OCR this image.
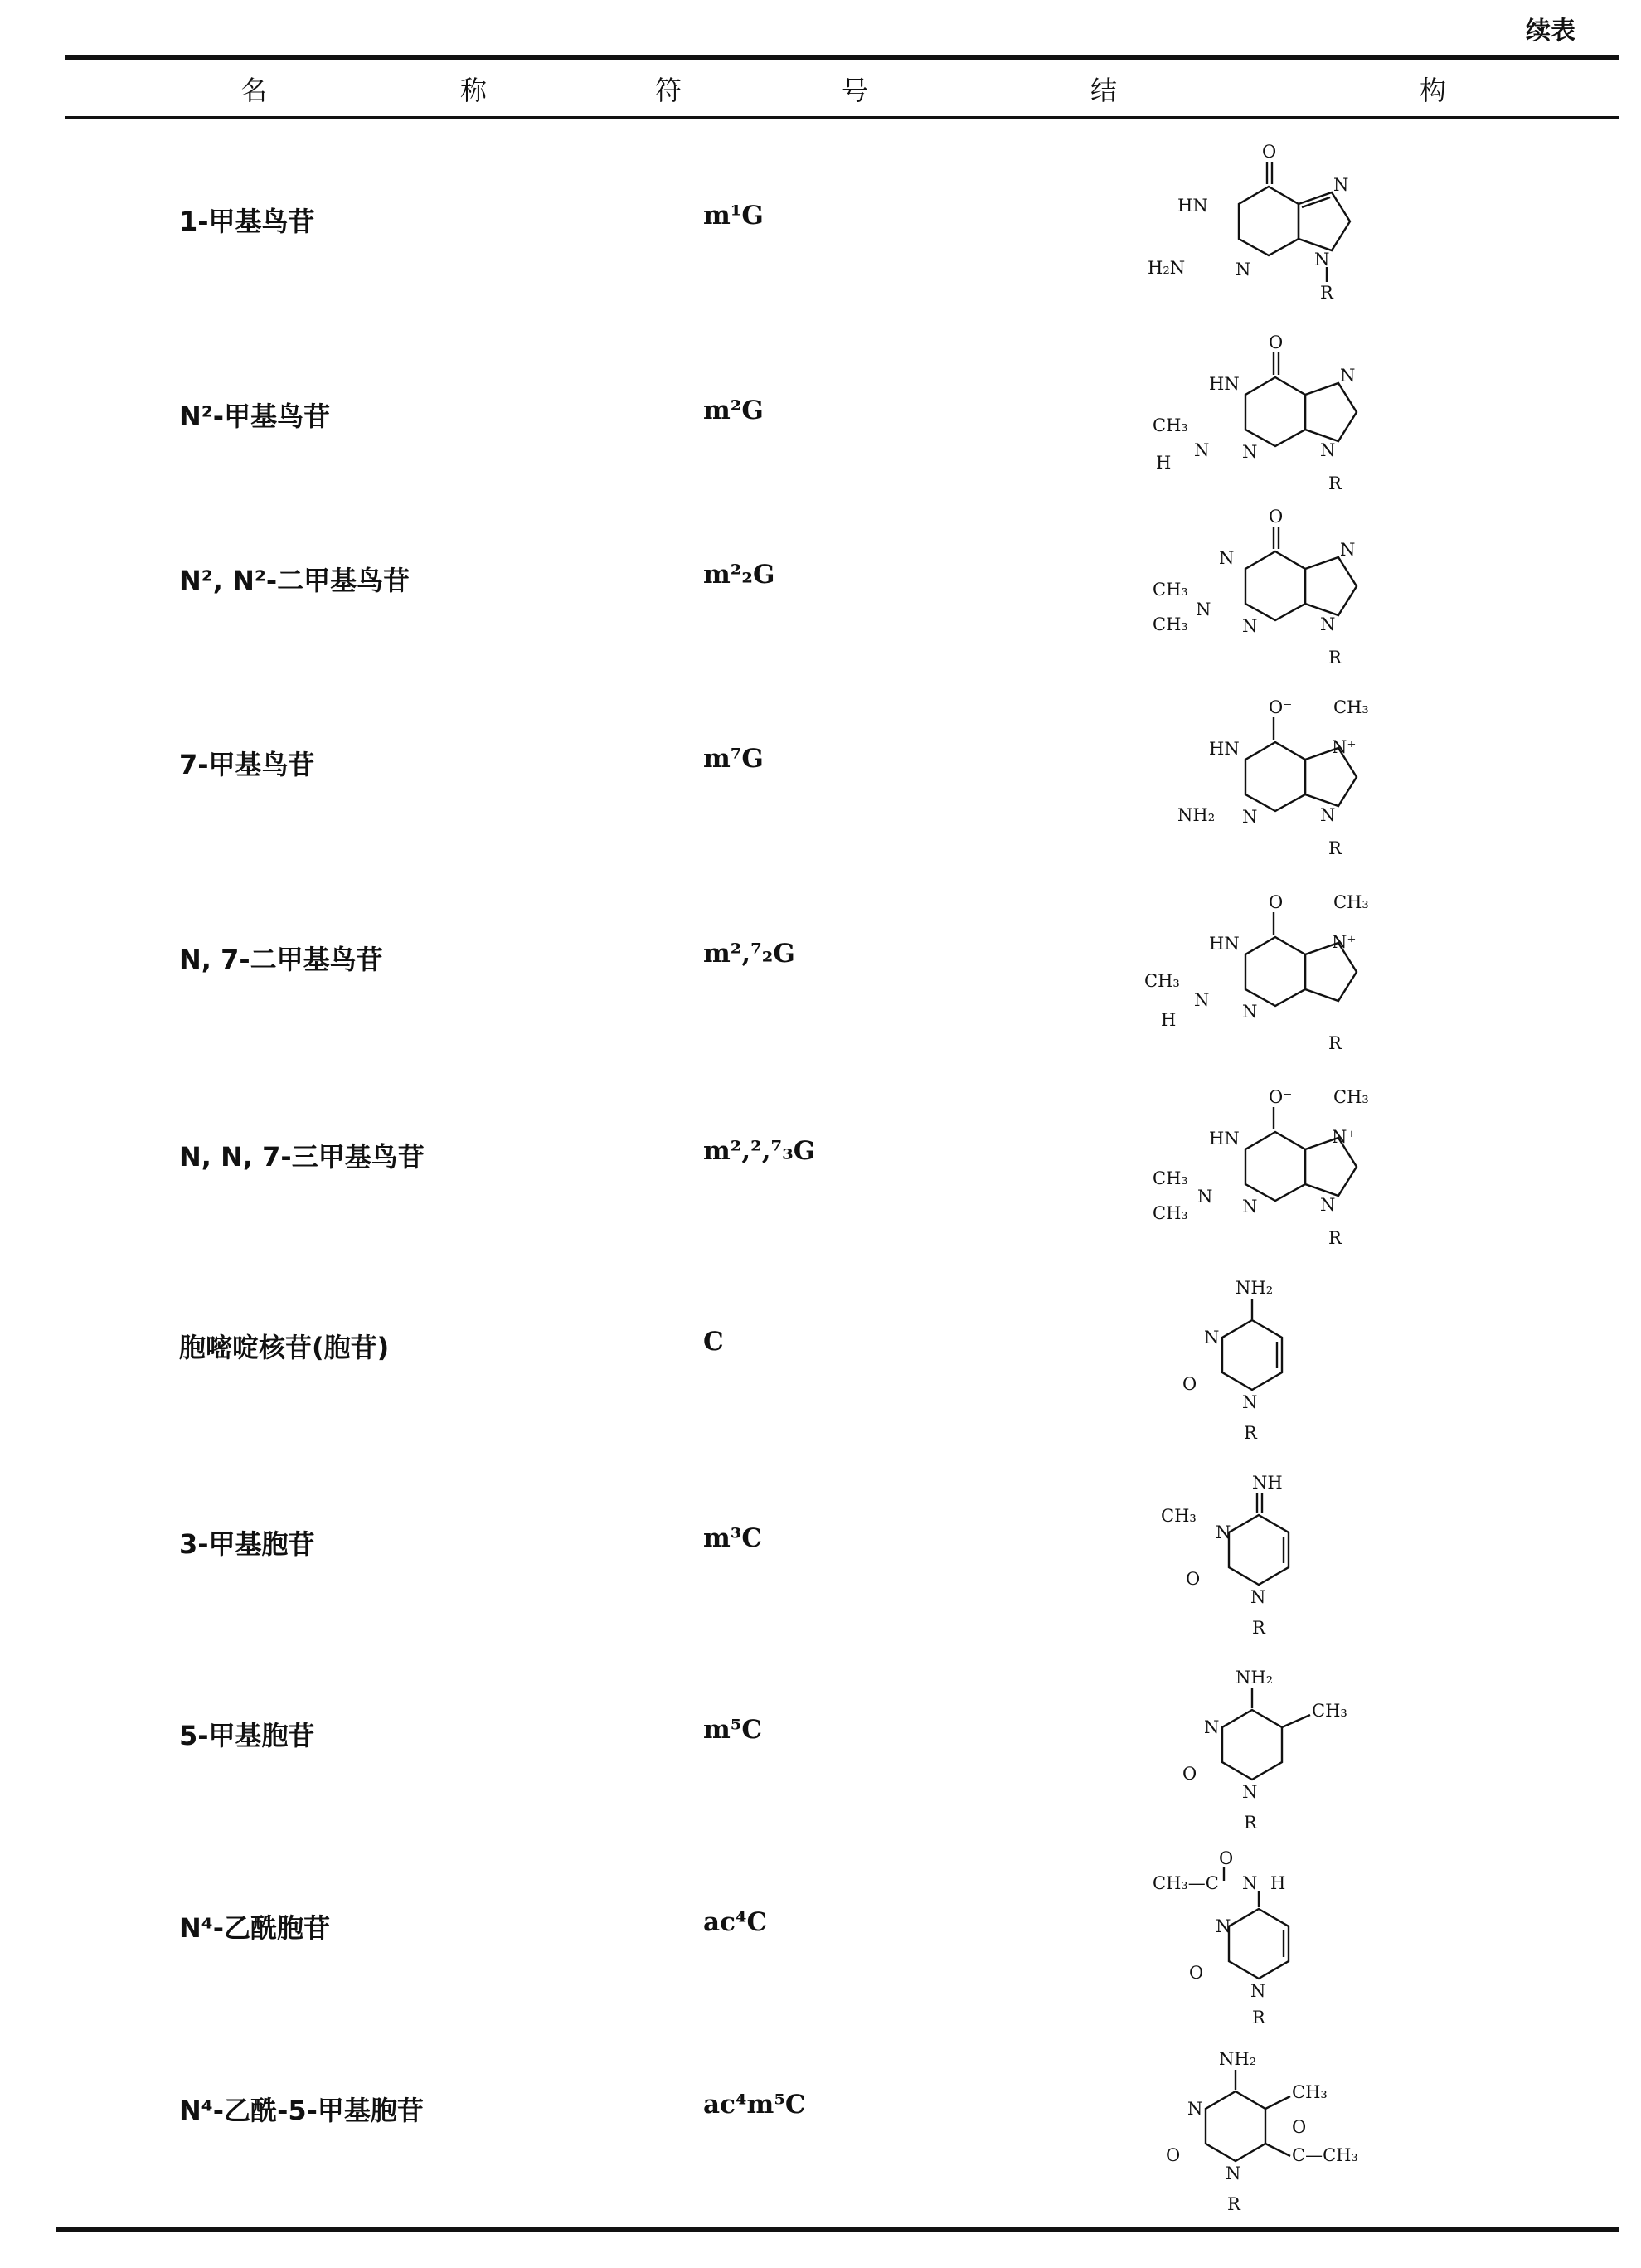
续表
名	称	符	号	结	构
1-甲基鸟苷	m¹G
O
HN
H₂N	N
N
N
R
N²-甲基鸟苷	m²G
O
HN
CH₃
H
N N
N
N
R
N², N²-二甲基鸟苷	m²₂G
O
N
CH₃
CH₃
N
N
N
N
R
7-甲基鸟苷	m⁷G
O⁻
HN
NH₂ N
CH₃
N⁺
N
R
N, 7-二甲基鸟苷	m²,⁷₂G
O
HN
CH₃
H
N
N
CH₃
N⁺
R
N, N, 7-三甲基鸟苷	m²,²,⁷₃G
O⁻
HN
CH₃
CH₃
N N
CH₃
N⁺
N
R
胞嘧啶核苷(胞苷)	C
NH₂
N
O
N
R
3-甲基胞苷	m³C
NH
CH₃
N
O
N
R
5-甲基胞苷	m⁵C
NH₂
CH₃
N
O
N
R
N⁴-乙酰胞苷	ac⁴C
O
CH₃—C N H
N
O
N
R
N⁴-乙酰-5-甲基胞苷	ac⁴m⁵C
NH₂
CH₃
C—CH₃
O
N
O
N
R
